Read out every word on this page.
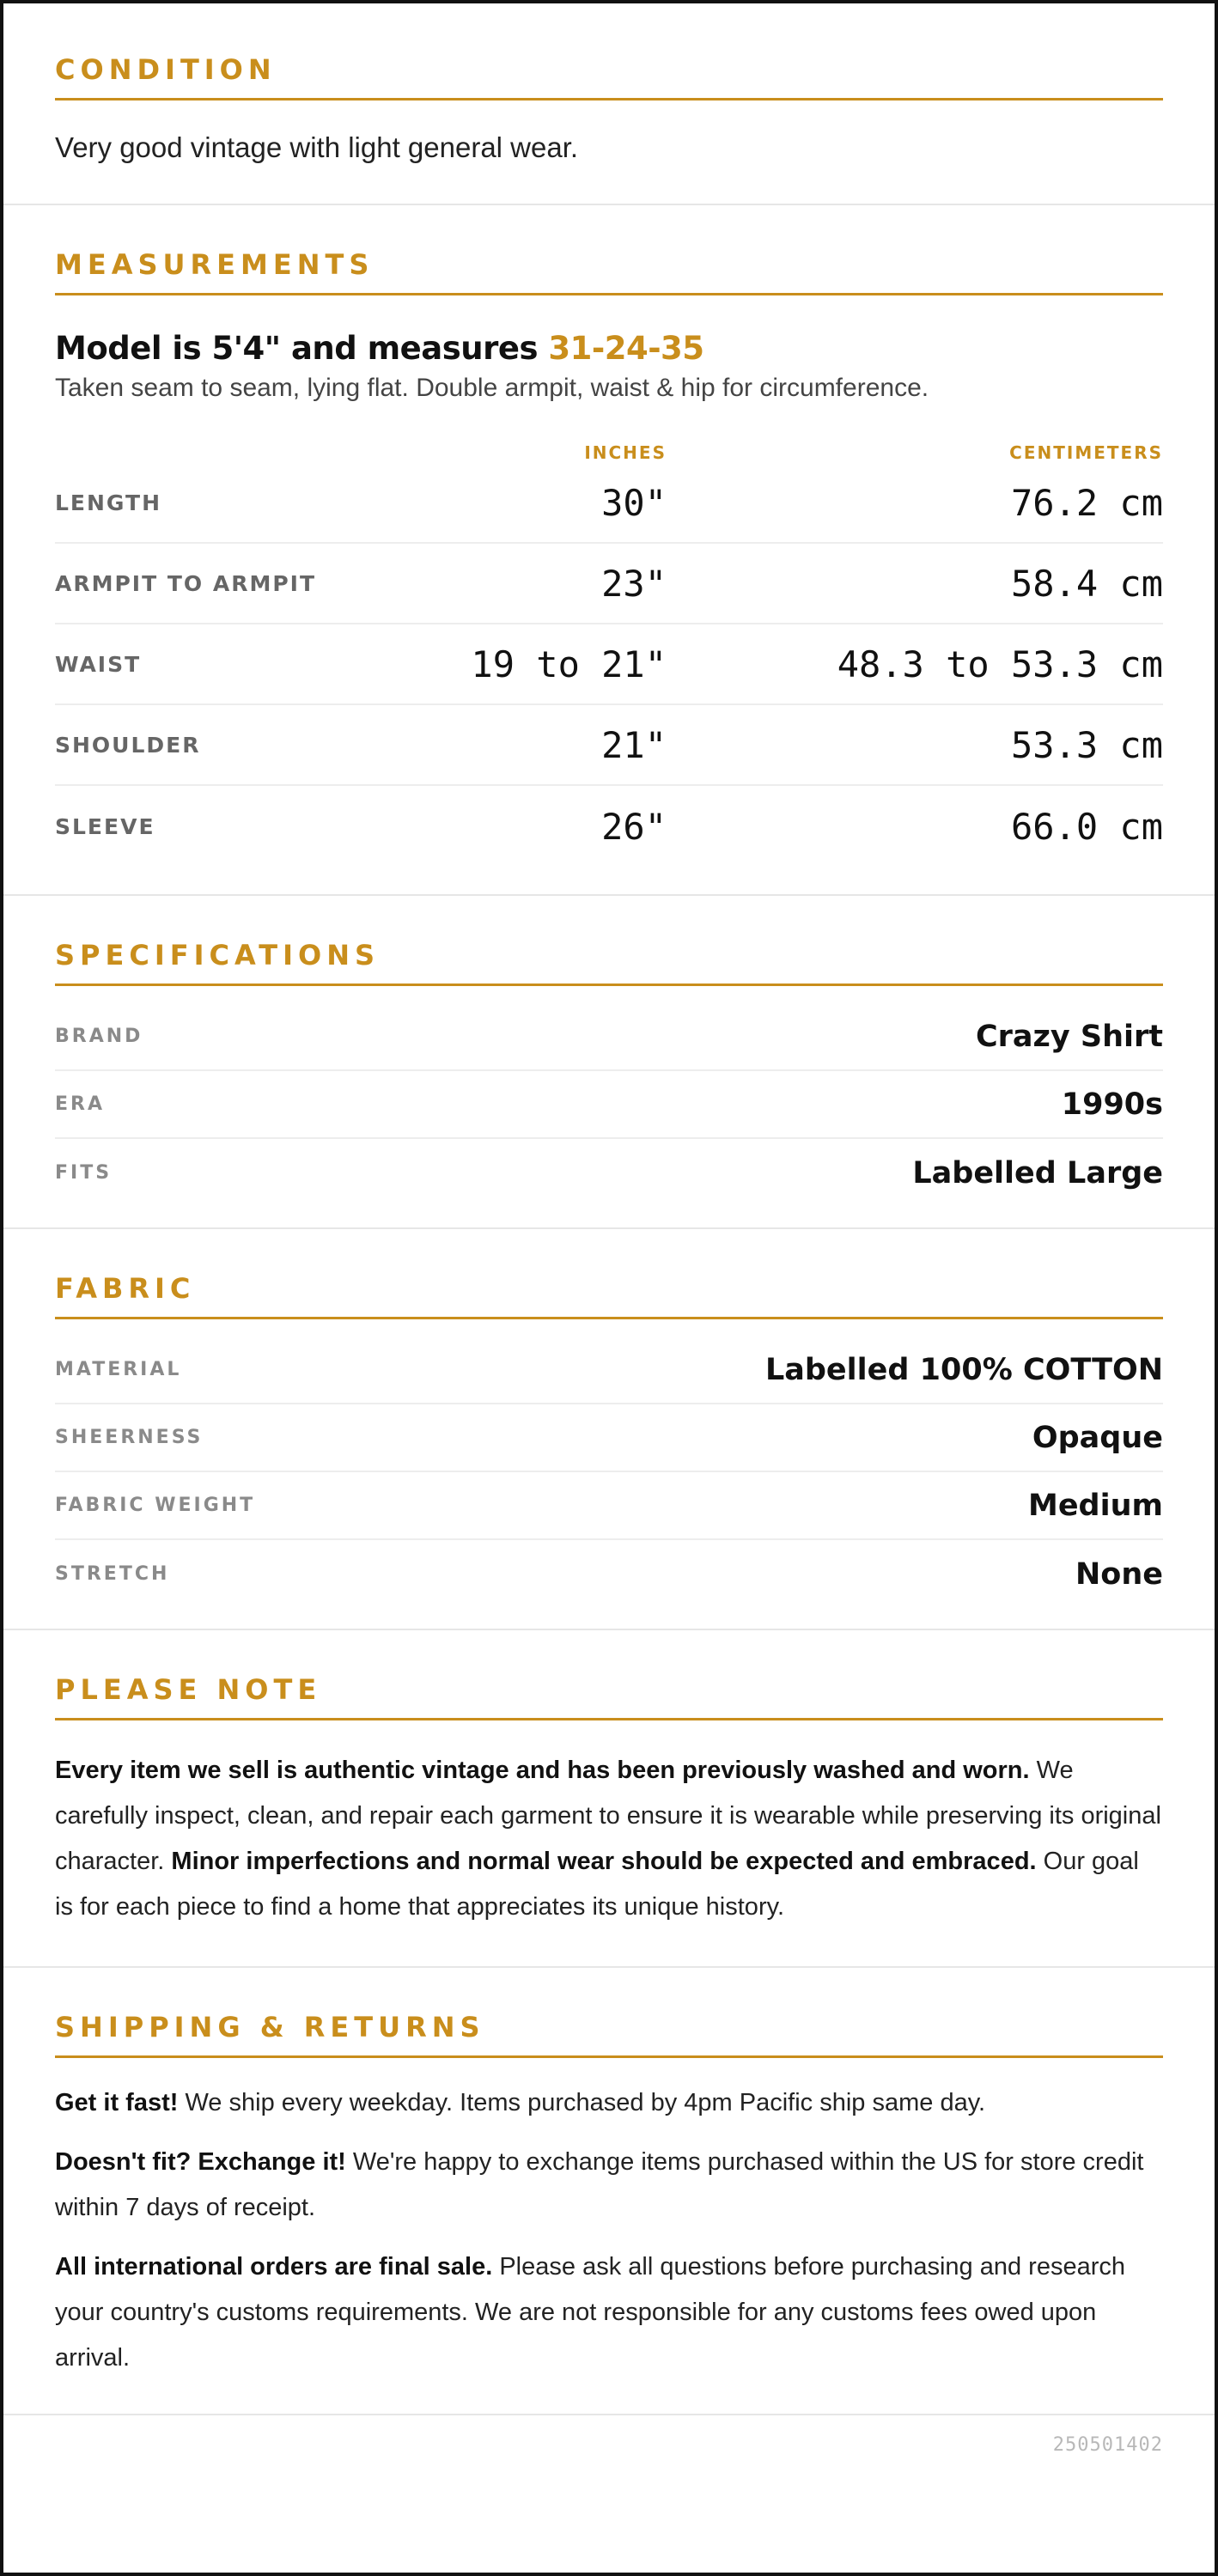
CONDITION
Very good vintage with light general wear.
MEASUREMENTS
Model is 5'4" and measures 31-24-35
Taken seam to seam, lying flat. Double armpit, waist & hip for circumference.
INCHES	CENTIMETERS
LENGTH	30"	76.2 cm
ARMPIT TO ARMPIT	23"	58.4 cm
WAIST	19 to 21"	48.3 to 53.3 cm
SHOULDER	21"	53.3 cm
SLEEVE	26"	66.0 cm
SPECIFICATIONS
BRAND	Crazy Shirt
ERA	1990s
FITS	Labelled Large
FABRIC
MATERIAL	Labelled 100% COTTON
SHEERNESS	Opaque
FABRIC WEIGHT	Medium
STRETCH	None
PLEASE NOTE

Every item we sell is authentic vintage and has been previously washed and worn. We carefully inspect, clean, and repair each garment to ensure it is wearable while preserving its original character. Minor imperfections and normal wear should be expected and embraced. Our goal is for each piece to find a home that appreciates its unique history.

SHIPPING & RETURNS

Get it fast! We ship every weekday. Items purchased by 4pm Pacific ship same day.

Doesn't fit? Exchange it! We're happy to exchange items purchased within the US for store credit within 7 days of receipt.

All international orders are final sale. Please ask all questions before purchasing and research your country's customs requirements. We are not responsible for any customs fees owed upon arrival.

250501402
